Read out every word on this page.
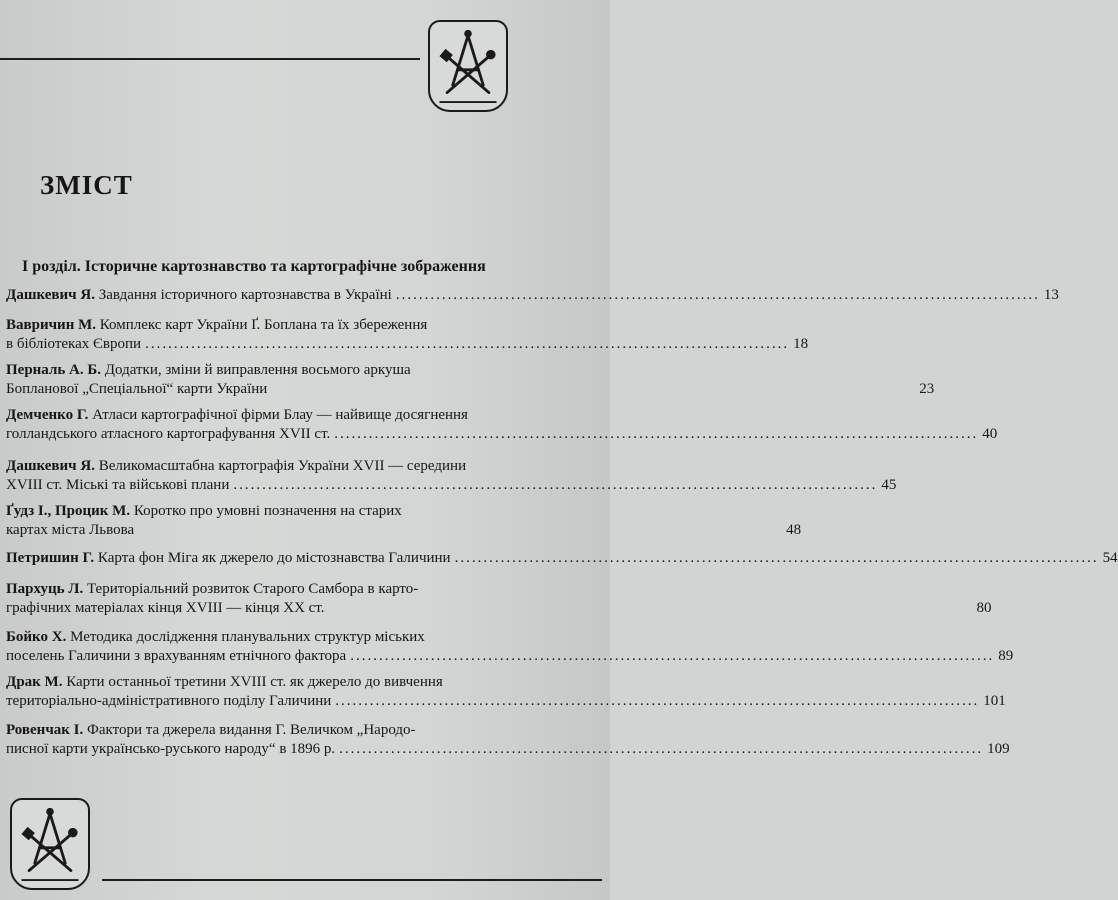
ЗМІСТ
І розділ. Історичне картознавство та картографічне зображення
Дашкевич Я.
Завдання історичного картознавства в Україні ................................................................................................................ 13
Вавричин М.
Комплекс карт України Ґ. Боплана та їх збереження
в бібліотеках Європи ................................................................................................................ 18
Перналь А. Б.
Додатки, зміни й виправлення восьмого аркуша
Бопланової „Спеціальної“ карти України	23
Демченко Г.
Атласи картографічної фірми Блау — найвище досягнення
голландського атласного картографування XVII ст. ................................................................................................................ 40
Дашкевич Я.
Великомасштабна картографія України XVII — середини
XVIII ст. Міські та військові плани ................................................................................................................ 45
Ґудз І., Процик М.
Коротко про умовні позначення на старих
картах міста Львова	48
Петришин Г.
Карта фон Міга як джерело до містознавства Галичини ................................................................................................................ 54
Пархуць Л.
Територіальний розвиток Старого Самбора в карто-
графічних матеріалах кінця XVIII — кінця XX ст.	80
Бойко Х.
Методика дослідження планувальних структур міських
поселень Галичини з врахуванням етнічного фактора ................................................................................................................ 89
Драк М.
Карти останньої третини XVIII ст. як джерело до вивчення
територіально-адміністративного поділу Галичини ................................................................................................................ 101
Ровенчак І.
Фактори та джерела видання Г. Величком „Народо-
писної карти українсько-руського народу“ в 1896 р. ................................................................................................................ 109
